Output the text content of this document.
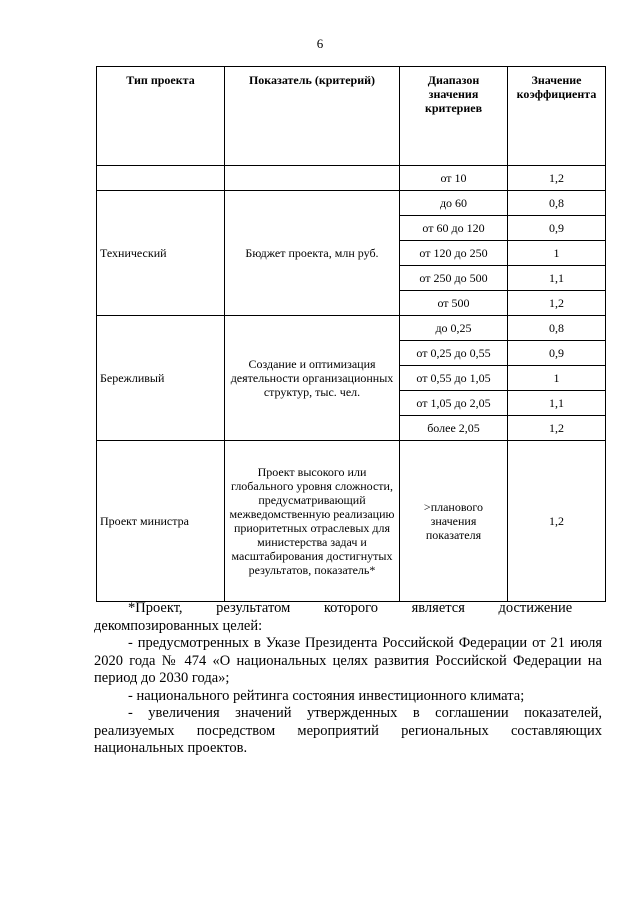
6
Тип проекта	Показатель (критерий)	Диапазон значения критериев	Значение коэффициента
		от 10	1,2
Технический	Бюджет проекта, млн руб.	до 60	0,8
		от 60 до 120	0,9
		от 120 до 250	1
		от 250 до 500	1,1
		от 500	1,2
Бережливый	Создание и оптимизация деятельности организационных структур, тыс. чел.	до 0,25	0,8
		от 0,25 до 0,55	0,9
		от 0,55 до 1,05	1
		от 1,05 до 2,05	1,1
		более 2,05	1,2
Проект министра	Проект высокого или глобального уровня сложности, предусматривающий межведомственную реализацию приоритетных отраслевых для министерства задач и масштабирования достигнутых результатов, показатель*	>планового значения показателя	1,2

*Проект, результатом которого является достижение

декомпозированных целей:

- предусмотренных в Указе Президента Российской Федерации от 21 июля 2020 года № 474 «О национальных целях развития Российской Федерации на период до 2030 года»;

- национального рейтинга состояния инвестиционного климата;

- увеличения значений утвержденных в соглашении показателей, реализуемых посредством мероприятий региональных составляющих национальных проектов.
